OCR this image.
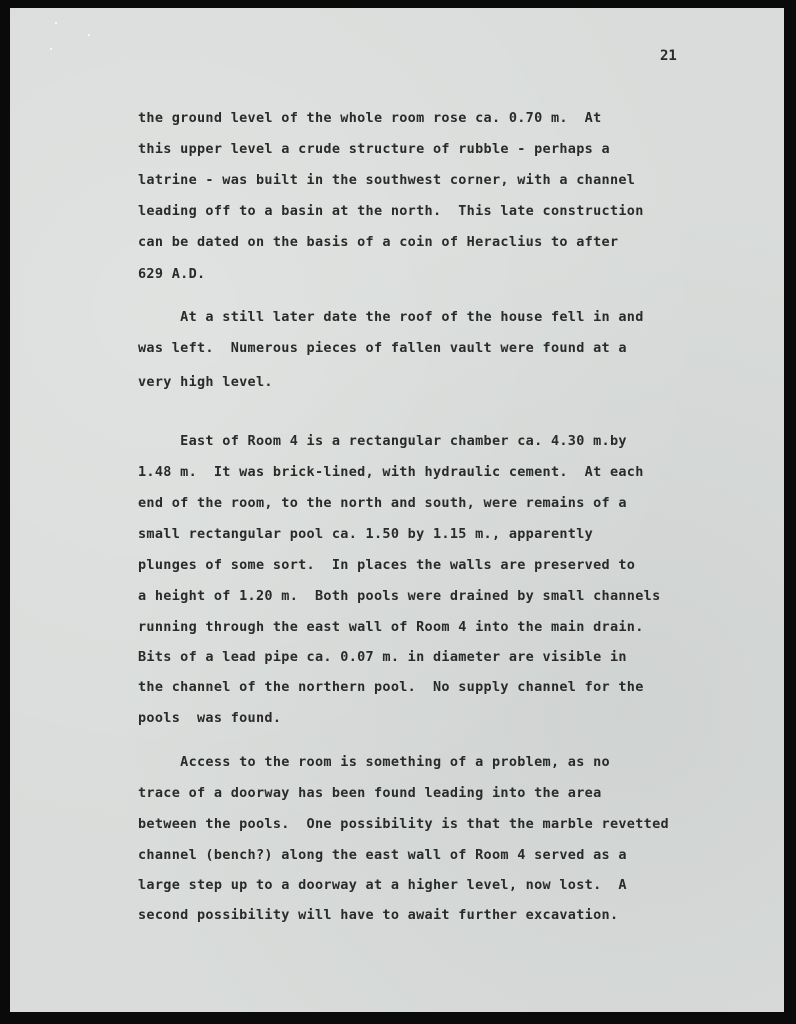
21
the ground level of the whole room rose ca. 0.70 m.  At
this upper level a crude structure of rubble - perhaps a
latrine - was built in the southwest corner, with a channel
leading off to a basin at the north.  This late construction
can be dated on the basis of a coin of Heraclius to after
629 A.D.
At a still later date the roof of the house fell in and
was left.  Numerous pieces of fallen vault were found at a
very high level.
East of Room 4 is a rectangular chamber ca. 4.30 m.by
1.48 m.  It was brick-lined, with hydraulic cement.  At each
end of the room, to the north and south, were remains of a
small rectangular pool ca. 1.50 by 1.15 m., apparently
plunges of some sort.  In places the walls are preserved to
a height of 1.20 m.  Both pools were drained by small channels
running through the east wall of Room 4 into the main drain.
Bits of a lead pipe ca. 0.07 m. in diameter are visible in
the channel of the northern pool.  No supply channel for the
pools  was found.
Access to the room is something of a problem, as no
trace of a doorway has been found leading into the area
between the pools.  One possibility is that the marble revetted
channel (bench?) along the east wall of Room 4 served as a
large step up to a doorway at a higher level, now lost.  A
second possibility will have to await further excavation.
